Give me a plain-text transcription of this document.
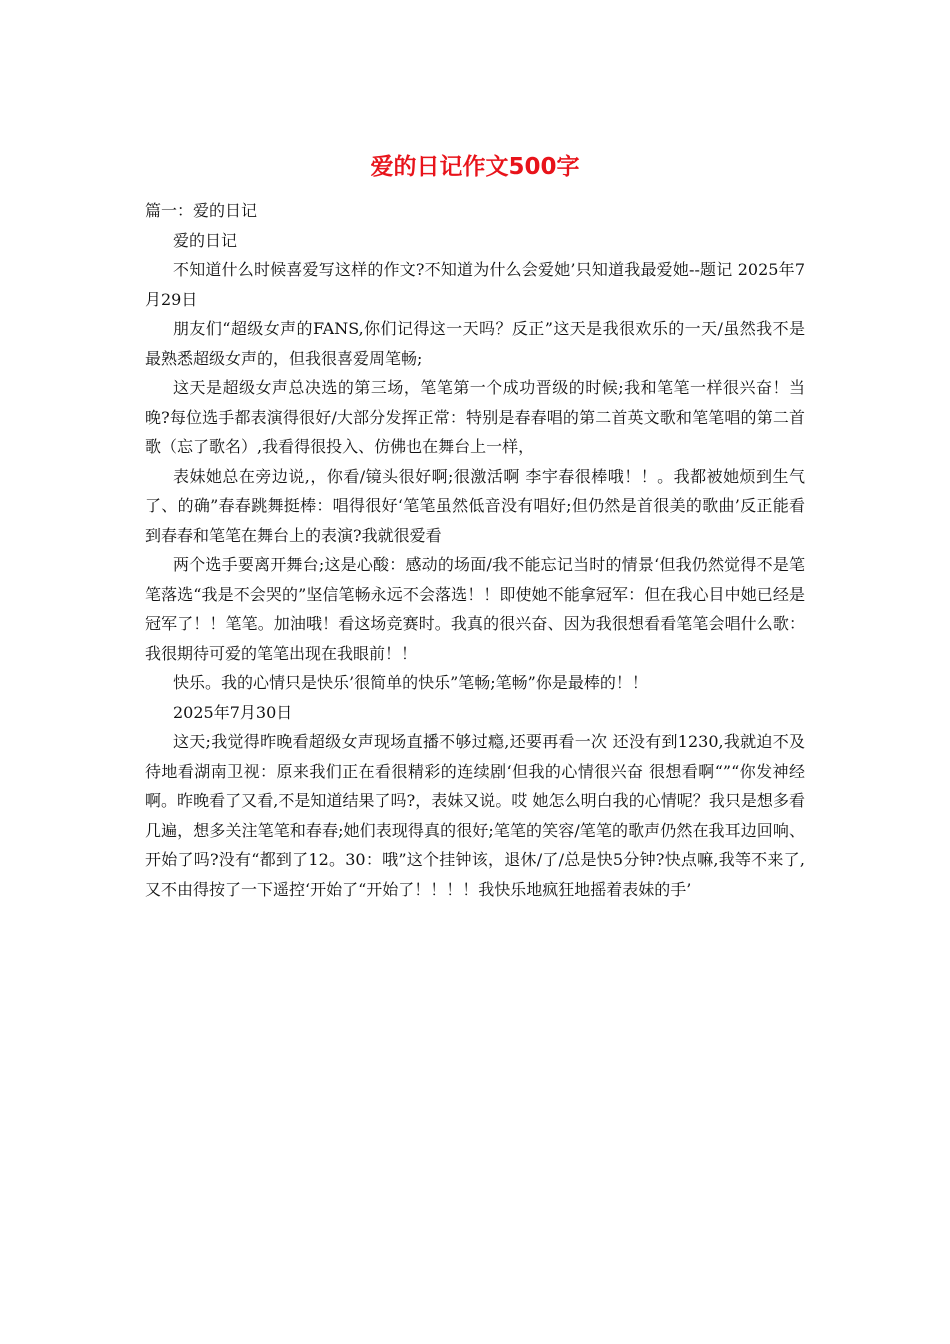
爱的日记作文500字

篇一：爱的日记

爱的日记

不知道什么时候喜爱写这样的作文?不知道为什么会爱她’只知道我最爱她--题记 2025年7月29日

朋友们“超级女声的FANS,你们记得这一天吗？反正”这天是我很欢乐的一天/虽然我不是最熟悉超级女声的，但我很喜爱周笔畅;

这天是超级女声总决选的第三场，笔笔第一个成功晋级的时候;我和笔笔一样很兴奋！当晚?每位选手都表演得很好/大部分发挥正常：特别是春春唱的第二首英文歌和笔笔唱的第二首歌（忘了歌名）,我看得很投入、仿佛也在舞台上一样，

表妹她总在旁边说,，你看/镜头很好啊;很激活啊 李宇春很棒哦！！。我都被她烦到生气了、的确”春春跳舞挺棒：唱得很好‘笔笔虽然低音没有唱好;但仍然是首很美的歌曲’反正能看到春春和笔笔在舞台上的表演?我就很爱看

两个选手要离开舞台;这是心酸：感动的场面/我不能忘记当时的情景‘但我仍然觉得不是笔笔落选“我是不会哭的”坚信笔畅永远不会落选！！即使她不能拿冠军：但在我心目中她已经是冠军了！！笔笔。加油哦！看这场竞赛时。我真的很兴奋、因为我很想看看笔笔会唱什么歌：我很期待可爱的笔笔出现在我眼前！！

快乐。我的心情只是快乐’很简单的快乐”笔畅;笔畅”你是最棒的！！

2025年7月30日

这天;我觉得昨晚看超级女声现场直播不够过瘾,还要再看一次 还没有到1230,我就迫不及待地看湖南卫视：原来我们正在看很精彩的连续剧‘但我的心情很兴奋 很想看啊“”“你发神经啊。昨晚看了又看,不是知道结果了吗?，表妹又说。哎 她怎么明白我的心情呢？我只是想多看几遍，想多关注笔笔和春春;她们表现得真的很好;笔笔的笑容/笔笔的歌声仍然在我耳边回响、开始了吗?没有“都到了12。30：哦”这个挂钟该，退休/了/总是快5分钟?快点嘛,我等不来了,又不由得按了一下遥控‘开始了“开始了！！！！我快乐地疯狂地摇着表妹的手’
